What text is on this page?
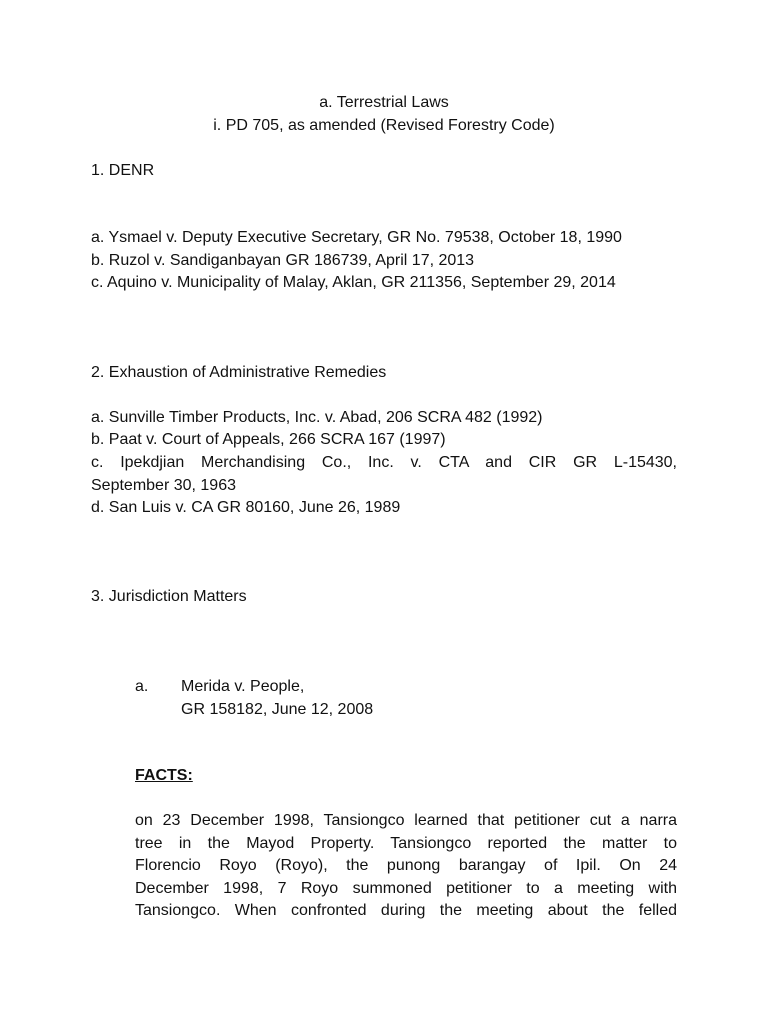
a. Terrestrial Laws
i. PD 705, as amended (Revised Forestry Code)
1. DENR
a. Ysmael v. Deputy Executive Secretary, GR No. 79538, October 18, 1990
b. Ruzol v. Sandiganbayan GR 186739, April 17, 2013
c. Aquino v. Municipality of Malay, Aklan, GR 211356, September 29, 2014
2. Exhaustion of Administrative Remedies
a. Sunville Timber Products, Inc. v. Abad, 206 SCRA 482 (1992)
b. Paat v. Court of Appeals, 266 SCRA 167 (1997)
c. Ipekdjian Merchandising Co., Inc. v. CTA and CIR GR L-15430,
September 30, 1963
d. San Luis v. CA GR 80160, June 26, 1989
3. Jurisdiction Matters
a. Merida v. People,
GR 158182, June 12, 2008
FACTS:
on 23 December 1998, Tansiongco learned that petitioner cut a narra
tree in the Mayod Property. Tansiongco reported the matter to
Florencio Royo (Royo), the punong barangay of Ipil. On 24
December 1998, 7 Royo summoned petitioner to a meeting with
Tansiongco. When confronted during the meeting about the felled
